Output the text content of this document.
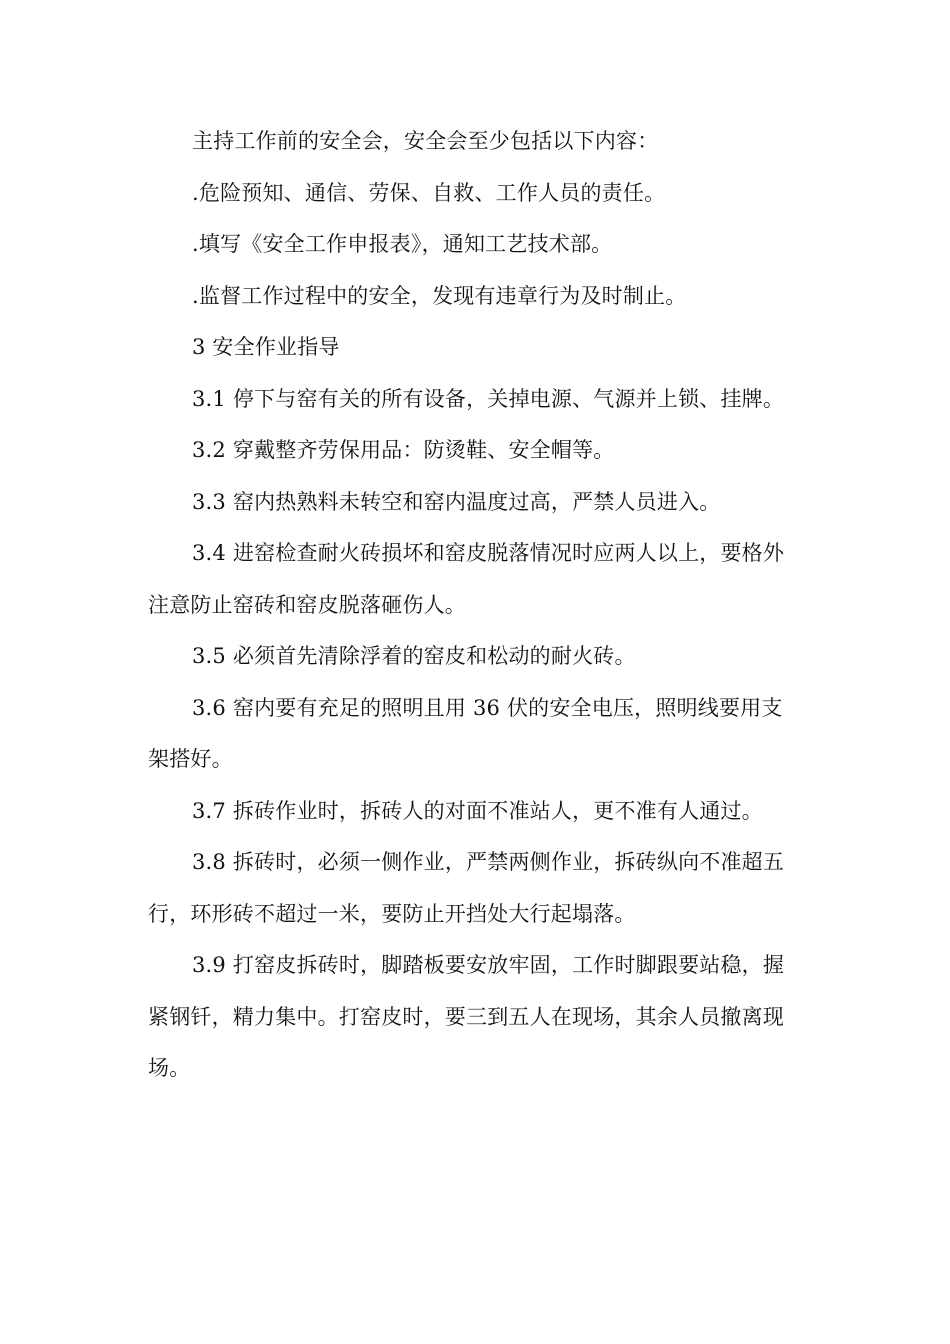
主持工作前的安全会，安全会至少包括以下内容：

.危险预知、通信、劳保、自救、工作人员的责任。

.填写《安全工作申报表》，通知工艺技术部。

.监督工作过程中的安全，发现有违章行为及时制止。

3 安全作业指导

3.1 停下与窑有关的所有设备，关掉电源、气源并上锁、挂牌。

3.2 穿戴整齐劳保用品：防烫鞋、安全帽等。

3.3 窑内热熟料未转空和窑内温度过高，严禁人员进入。

3.4 进窑检查耐火砖损坏和窑皮脱落情况时应两人以上，要格外注意防止窑砖和窑皮脱落砸伤人。

3.5 必须首先清除浮着的窑皮和松动的耐火砖。

3.6 窑内要有充足的照明且用 36 伏的安全电压，照明线要用支架搭好。

3.7 拆砖作业时，拆砖人的对面不准站人，更不准有人通过。

3.8 拆砖时，必须一侧作业，严禁两侧作业，拆砖纵向不准超五行，环形砖不超过一米，要防止开挡处大行起塌落。

3.9 打窑皮拆砖时，脚踏板要安放牢固，工作时脚跟要站稳，握紧钢钎，精力集中。打窑皮时，要三到五人在现场，其余人员撤离现场。
